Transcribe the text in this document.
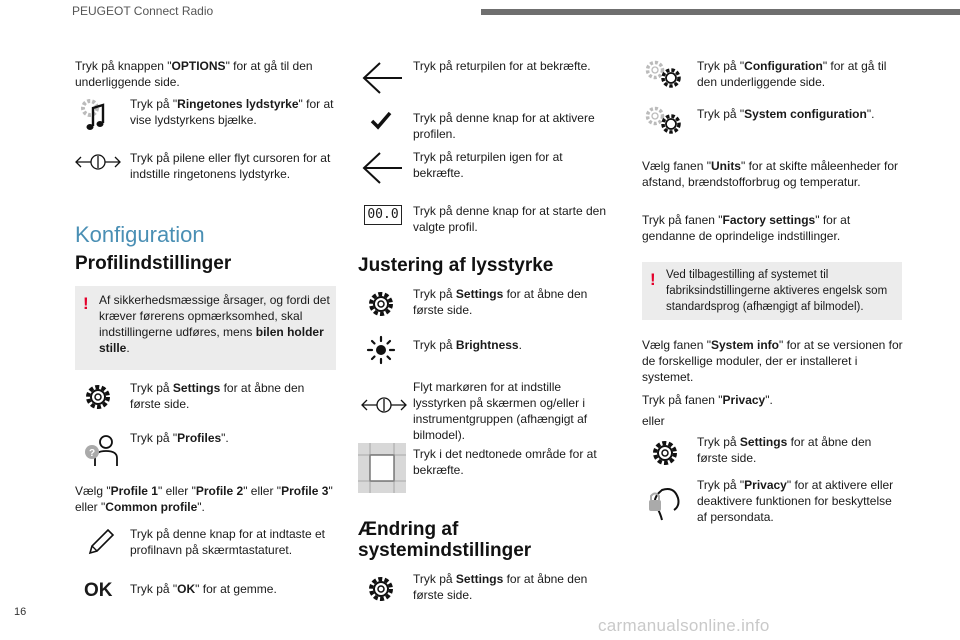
PEUGEOT Connect Radio
Tryk på knappen "OPTIONS" for at gå til den underliggende side.
Tryk på "Ringetones lydstyrke" for at vise lydstyrkens bjælke.
Tryk på pilene eller flyt cursoren for at indstille ringetonens lydstyrke.
Konfiguration
Profilindstillinger
! Af sikkerhedsmæssige årsager, og fordi det kræver førerens opmærksomhed, skal indstillingerne udføres, mens bilen holder stille.
Tryk på Settings for at åbne den første side.
?
Tryk på "Profiles".
Vælg "Profile 1" eller "Profile 2" eller "Profile 3" eller "Common profile".
Tryk på denne knap for at indtaste et profilnavn på skærmtastaturet.
OK Tryk på "OK" for at gemme.
Tryk på returpilen for at bekræfte.
Tryk på denne knap for at aktivere profilen.
Tryk på returpilen igen for at bekræfte.
00.0 Tryk på denne knap for at starte den valgte profil.
Justering af lysstyrke
Tryk på Settings for at åbne den første side.
Tryk på Brightness.
Flyt markøren for at indstille lysstyrken på skærmen og/eller i instrumentgruppen (afhængigt af bilmodel).
Tryk i det nedtonede område for at bekræfte.
Ændring af
systemindstillinger
Tryk på Settings for at åbne den første side.
Tryk på "Configuration" for at gå til den underliggende side.
Tryk på "System configuration".
Vælg fanen "Units" for at skifte måleenheder for afstand, brændstofforbrug og temperatur.
Tryk på fanen "Factory settings" for at gendanne de oprindelige indstillinger.
! Ved tilbagestilling af systemet til fabriksindstillingerne aktiveres engelsk som standardsprog (afhængigt af bilmodel).
Vælg fanen "System info" for at se versionen for de forskellige moduler, der er installeret i systemet.
Tryk på fanen "Privacy".
eller
Tryk på Settings for at åbne den første side.
Tryk på "Privacy" for at aktivere eller deaktivere funktionen for beskyttelse af persondata.
16
carmanualsonline.info
